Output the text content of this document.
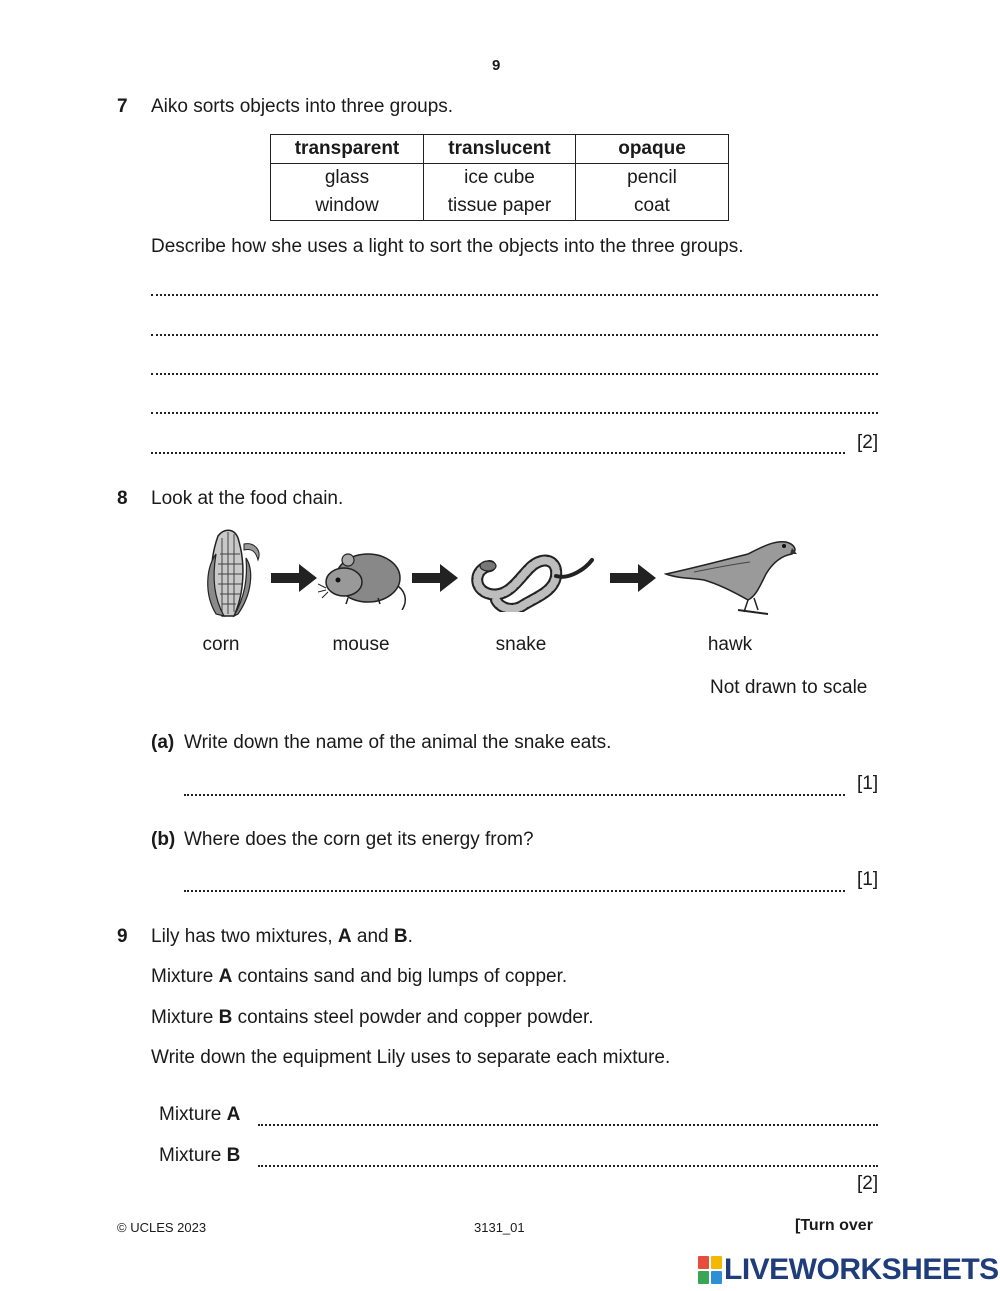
9
7 Aiko sorts objects into three groups.
transparent	translucent	opaque
glass	ice cube	pencil
window	tissue paper	coat
Describe how she uses a light to sort the objects into the three groups.
[2]
8 Look at the food chain.
corn	mouse	snake	hawk
Not drawn to scale
(a) Write down the name of the animal the snake eats.
[1]
(b) Where does the corn get its energy from?
[1]
9 Lily has two mixtures, A and B.
Mixture A contains sand and big lumps of copper.
Mixture B contains steel powder and copper powder.
Write down the equipment Lily uses to separate each mixture.
Mixture A
Mixture B
[2]
© UCLES 2023	3131_01	[Turn over
LIVEWORKSHEETS
